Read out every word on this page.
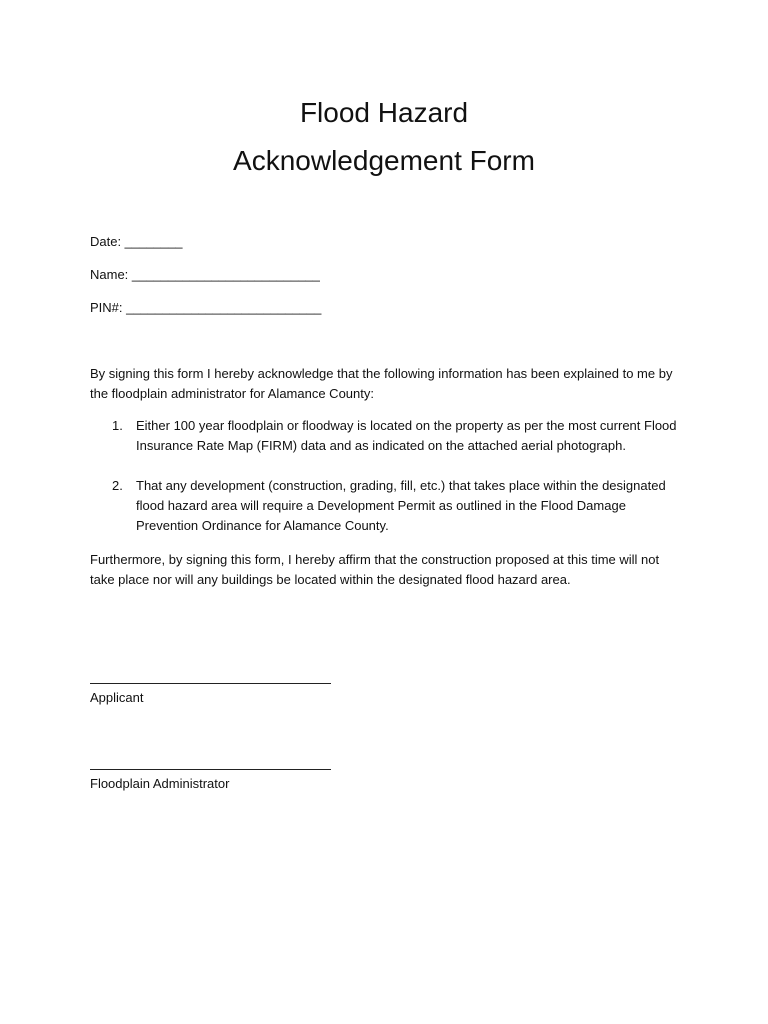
Flood Hazard
Acknowledgement Form
Date: ________
Name: __________________________
PIN#: ___________________________

By signing this form I hereby acknowledge that the following information has been explained to me by the floodplain administrator for Alamance County:

1.	Either 100 year floodplain or floodway is located on the property as per the most current Flood Insurance Rate Map (FIRM) data and as indicated on the attached aerial photograph.
2.	That any development (construction, grading, fill, etc.) that takes place within the designated flood hazard area will require a Development Permit as outlined in the Flood Damage Prevention Ordinance for Alamance County.

Furthermore, by signing this form, I hereby affirm that the construction proposed at this time will not take place nor will any buildings be located within the designated flood hazard area.

Applicant
Floodplain Administrator
